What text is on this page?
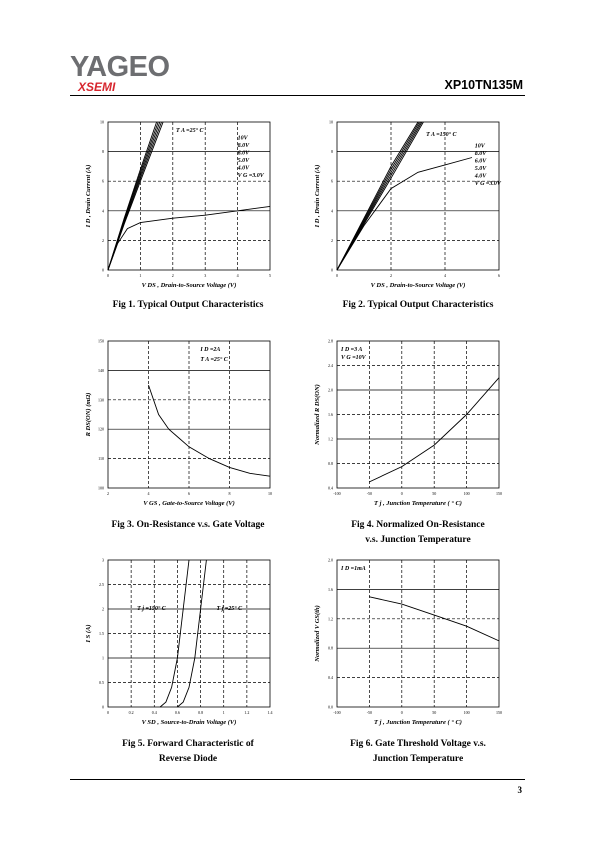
YAGEO
XSEMI	XP10TN135M
0	1	2	3	4	5
0
2
4
6
8
10
V DS , Drain-to-Source Voltage (V)
I D , Drain Current (A)
T A =25° C
10V
8.0V
6.0V
5.0V
4.0V
V G =3.0V
Fig 1. Typical Output Characteristics
0	2	4	6
0
2
4
6
8
10
V DS , Drain-to-Source Voltage (V)
I D , Drain Current (A)
T A =150° C
10V
8.0V
6.0V
5.0V
4.0V
V G =3.0V
Fig 2. Typical Output Characteristics
2	4	6	8	10
100
110
120
130
140
150
V GS , Gate-to-Source Voltage (V)
R DS(ON) (mΩ)
I D =2A
T A =25° C
Fig 3. On-Resistance v.s. Gate Voltage
-100	-50	0	50	100	150
0.4
0.8
1.2
1.6
2.0
2.4
2.8
T j , Junction Temperature ( ° C)
Normalized R DS(ON)
I D =3 A
V G =10V
Fig 4. Normalized On-Resistance
v.s. Junction Temperature
0	0.2	0.4	0.6	0.8	1	1.2	1.4
0
0.5
1
1.5
2
2.5
3
V SD , Source-to-Drain Voltage (V)
I S (A)
T j =150° C	T j =25° C
Fig 5. Forward Characteristic of
Reverse Diode
-100	-50	0	50	100	150
0.0
0.4
0.8
1.2
1.6
2.0
T j , Junction Temperature ( ° C)
Normalized V GS(th)
I D =1mA
Fig 6. Gate Threshold Voltage v.s.
Junction Temperature
3
